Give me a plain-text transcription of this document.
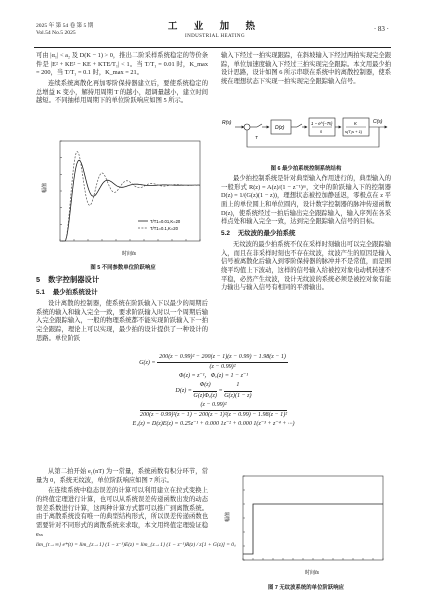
2025 年 第 54 卷 第 5 期
Vol.54 No.5 2025
工 业 加 热
INDUSTRIAL HEATING
· 83 ·

可由 |α₁| < a₂ 及 D(K − 1) > 0，推出二阶采样系统稳定的等价条件是 |E² + KE² − KE + KTE/T₁| < 1。当 T/T₁ = 0.01 时，K_max = 200，当 T/T₁ = 0.1 时，K_max = 21。

连续系统离散化再加零阶保持器建立后，要使系统稳定的总增益 K 变小，解持用周期 T 的越小，超调量越小，建立时间越短。不同抽样用周期下的单位阶跃响应如图 5 所示。

T/T1=0.01,K=20
T/T1=0.1,K=20
幅值
时间/s
图 5 不同参数单位阶跃响应
5 数字控制器设计
5.1 最少拍系统设计

设计离散的控制器，使系统在阶跃输入下以最少的周期后系统的输入和输入完全一致，要求阶跃输入时以一个周期后输入完全跟踪输入，一般的物理系统都不能实现阶跃输入下一拍完全跟踪，理论上可以实现，最少拍的设计提供了一种设计的思路。单位阶跃

输入下经过一拍实现跟踪，在斜坡输入下经过两拍实现完全跟踪，单位加速度输入下经过三拍实现完全跟踪。本文用最少拍设计思路，设计如图 6 所示串联在系统中的离散控制器，使系统在理想状态下实现一拍实现完全跟踪输入信号。

R(s)
D(z)
1 − e^{−Ts}
s
K
s(T₁s + 1)
C(s)
T
图 6 最少拍系统控制系统结构

最少拍控制系统是针对典型输入作用进行的，典型输入的一般形式 R(z) = A(z)/(1 − z⁻¹)ᵐ，文中的阶跃输入下的控制器 D(z) = 1/(G(z)(1 − z))，理想状态被控加静延迟，零极点在 z 平面上的单位圆上和单位圆内，设计数字控制器的脉冲传递函数 D(z)，使系统经过一拍后输出完全跟踪输入，输入序列在各采样点处和输入完全一致，达到完全跟踪输入信号的目标。

5.2 无纹波的最少拍系统

无纹波的最少拍系统不仅在采样时刻输出可以完全跟踪输入，而且在非采样时刻也不存在纹波，纹波产生的原因是输入信号被离散化后输入到零阶保持器的脉冲并不是常值，而是围绕平均值上下波动，这样的信号输入给被控对象电动机转速不平稳，必然产生纹波，设计无纹波的系统必须是被控对象有能力输出与输入信号有相同的平滑输出。

$G(z) = \frac{\text{200(z − 0.99)² − 200(z − 1)(z − 0.99) − 1.98(z − 1)}}{\text{(z − 0.99)²}}$
Φ(z) = z⁻¹，Φₑ(z) = 1 − z⁻¹
$D(z) = \frac{\Phi(z)}{\text{G(z)Φₑ(z)}} = \frac{1}{G(z)(1 - z)}$
$\frac{\text{(z − 0.99)²}}{\text{200(z − 0.99)²(z − 1) − 200(z − 1)²(z − 0.99) − 1.98(z − 1)²}}$
E₁(z) = D(z)E(z) = 0.25z⁻¹ + 0.000 1z⁻² + 0.000 1(z⁻³ + z⁻⁴ + ···)

从第二拍开始 e₁(nT) 为一常量，系统函数有积分环节，常量为 0，系统无纹波，单位阶跃响应如图 7 所示。

在连续系统中稳态误差的计算可以利用建立在拉式变换上的终值定理进行计算，也可以从系统误差传递函数出发的动态误差系数进行计算，这两种计算方式都可以推广到离散系统。由于离散系统没有唯一的典型结构形式，所以误差传递函数也需要针对不同形式的离散系统来求取，本文用终值定理验证稳 eₛₛ

lim_{t→∞} e*(t) = lim_{z→1} (1 − z⁻¹)E(z) = lim_{z→1} (1 − z⁻¹)R(z) / z[1 + G(z)] = 0。

幅值
时间/s
图 7 无纹波系统的单位阶跃响应
